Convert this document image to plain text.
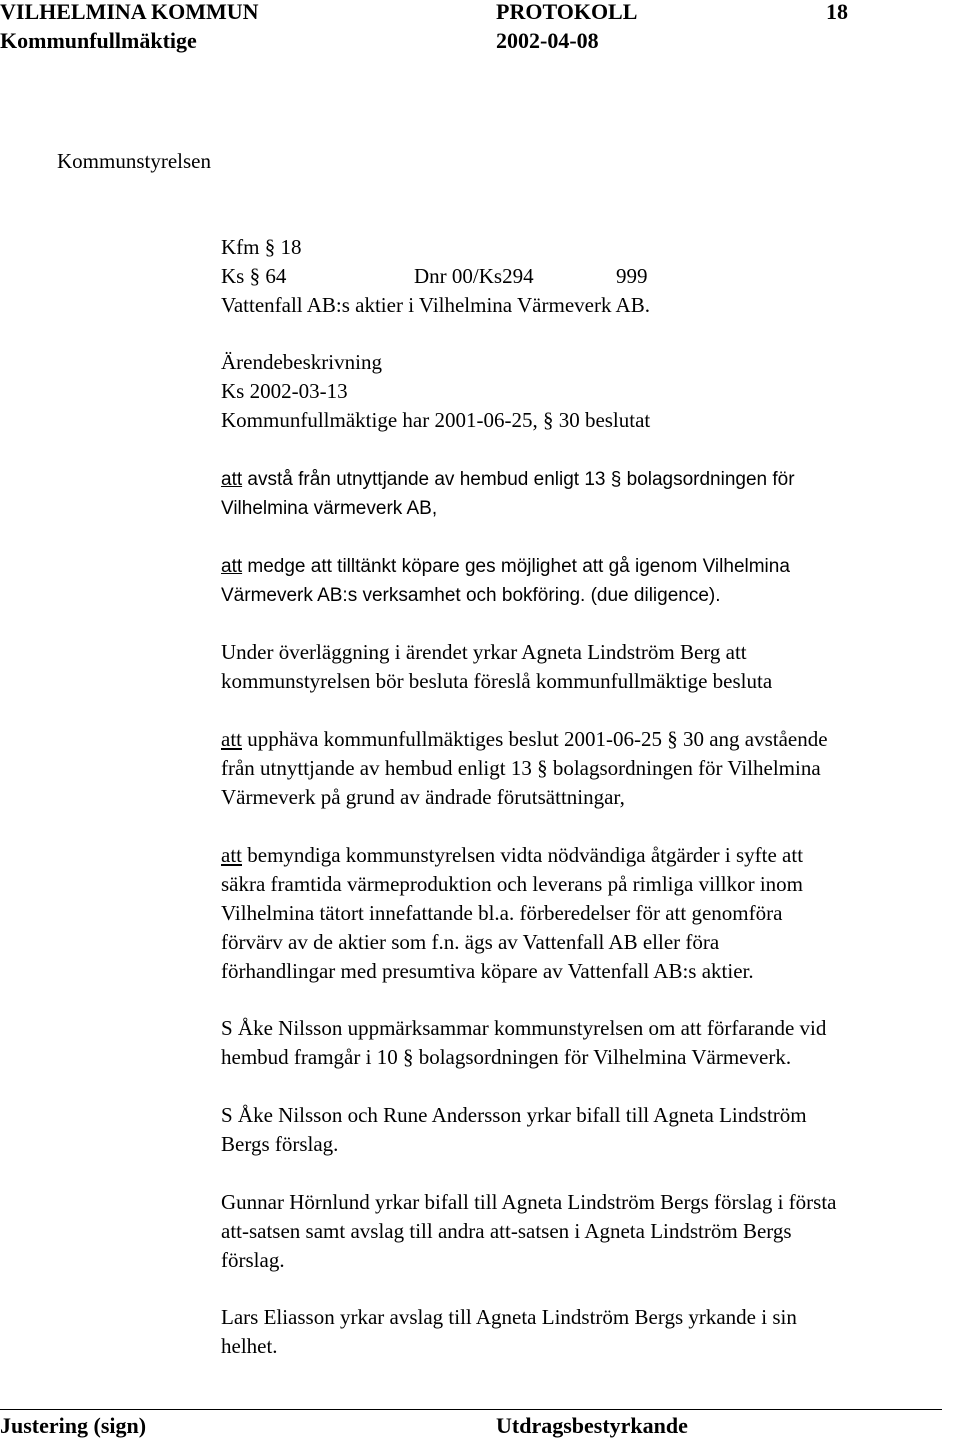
VILHELMINA KOMMUN	PROTOKOLL	18
Kommunfullmäktige	2002-04-08
Kommunstyrelsen
Kfm § 18
Ks § 64	Dnr 00/Ks294	999
Vattenfall AB:s aktier i Vilhelmina Värmeverk AB.
Ärendebeskrivning
Ks 2002-03-13
Kommunfullmäktige har 2001-06-25, § 30 beslutat
att avstå från utnyttjande av hembud enligt 13 § bolagsordningen för
Vilhelmina värmeverk AB,
att medge att tilltänkt köpare ges möjlighet att gå igenom Vilhelmina
Värmeverk AB:s verksamhet och bokföring. (due diligence).
Under överläggning i ärendet yrkar Agneta Lindström Berg att
kommunstyrelsen bör besluta föreslå kommunfullmäktige besluta
att upphäva kommunfullmäktiges beslut 2001-06-25 § 30 ang avstående
från utnyttjande av hembud enligt 13 § bolagsordningen för Vilhelmina
Värmeverk på grund av ändrade förutsättningar,
att bemyndiga kommunstyrelsen vidta nödvändiga åtgärder i syfte att
säkra framtida värmeproduktion och leverans på rimliga villkor inom
Vilhelmina tätort innefattande bl.a. förberedelser för att genomföra
förvärv av de aktier som f.n. ägs av Vattenfall AB eller föra
förhandlingar med presumtiva köpare av Vattenfall AB:s aktier.
S Åke Nilsson uppmärksammar kommunstyrelsen om att förfarande vid
hembud framgår i 10 § bolagsordningen för Vilhelmina Värmeverk.
S Åke Nilsson och Rune Andersson yrkar bifall till Agneta Lindström
Bergs förslag.
Gunnar Hörnlund yrkar bifall till Agneta Lindström Bergs förslag i första
att-satsen samt avslag till andra att-satsen i Agneta Lindström Bergs
förslag.
Lars Eliasson yrkar avslag till Agneta Lindström Bergs yrkande i sin
helhet.
Justering (sign)	Utdragsbestyrkande
